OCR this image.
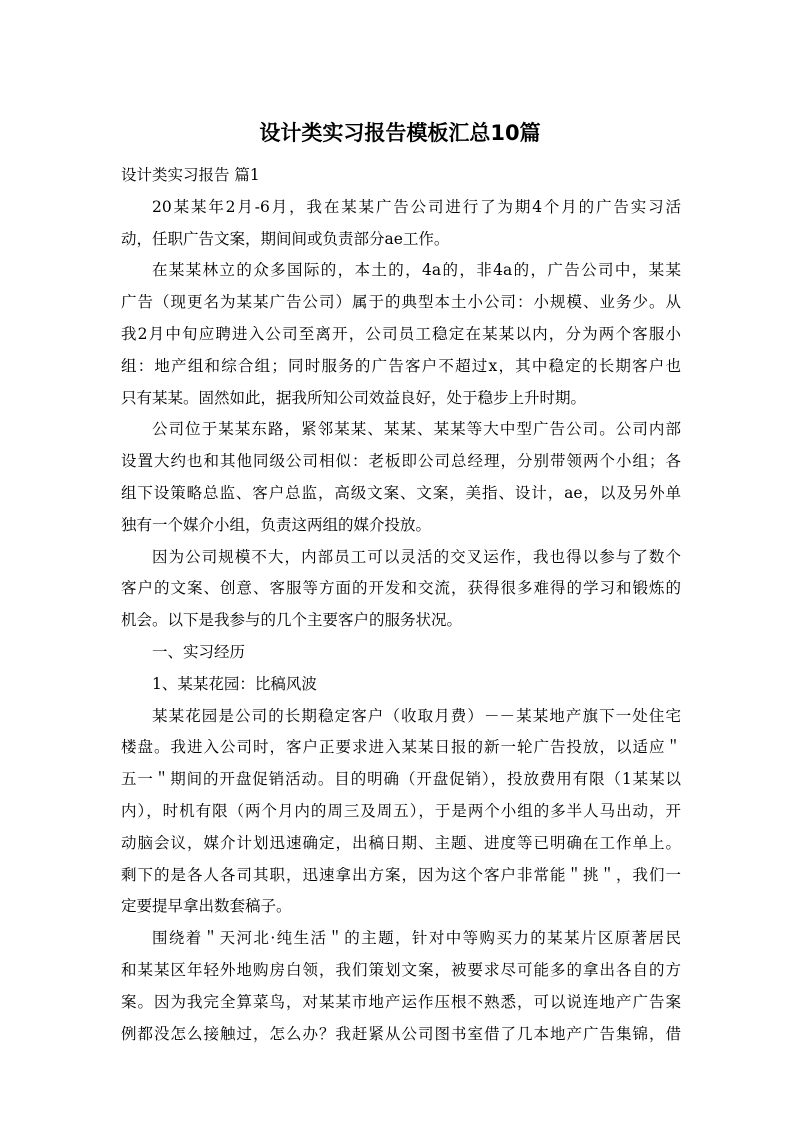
设计类实习报告模板汇总10篇

设计类实习报告 篇1

20某某年2月-6月，我在某某广告公司进行了为期4个月的广告实习活

动，任职广告文案，期间间或负责部分ae工作。

在某某林立的众多国际的，本土的，4a的，非4a的，广告公司中，某某

广告（现更名为某某广告公司）属于的典型本土小公司：小规模、业务少。从

我2月中旬应聘进入公司至离开，公司员工稳定在某某以内，分为两个客服小

组：地产组和综合组；同时服务的广告客户不超过x，其中稳定的长期客户也

只有某某。固然如此，据我所知公司效益良好，处于稳步上升时期。

公司位于某某东路，紧邻某某、某某、某某等大中型广告公司。公司内部

设置大约也和其他同级公司相似：老板即公司总经理，分别带领两个小组；各

组下设策略总监、客户总监，高级文案、文案，美指、设计，ae，以及另外单

独有一个媒介小组，负责这两组的媒介投放。

因为公司规模不大，内部员工可以灵活的交叉运作，我也得以参与了数个

客户的文案、创意、客服等方面的开发和交流，获得很多难得的学习和锻炼的

机会。以下是我参与的几个主要客户的服务状况。

一、实习经历

1、某某花园：比稿风波

某某花园是公司的长期稳定客户（收取月费）－－某某地产旗下一处住宅

楼盘。我进入公司时，客户正要求进入某某日报的新一轮广告投放，以适应＂

五一＂期间的开盘促销活动。目的明确（开盘促销），投放费用有限（1某某以

内），时机有限（两个月内的周三及周五），于是两个小组的多半人马出动，开

动脑会议，媒介计划迅速确定，出稿日期、主题、进度等已明确在工作单上。

剩下的是各人各司其职，迅速拿出方案，因为这个客户非常能＂挑＂，我们一

定要提早拿出数套稿子。

围绕着＂天河北·纯生活＂的主题，针对中等购买力的某某片区原著居民

和某某区年轻外地购房白领，我们策划文案，被要求尽可能多的拿出各自的方

案。因为我完全算菜鸟，对某某市地产运作压根不熟悉，可以说连地产广告案

例都没怎么接触过，怎么办？我赶紧从公司图书室借了几本地产广告集锦，借
